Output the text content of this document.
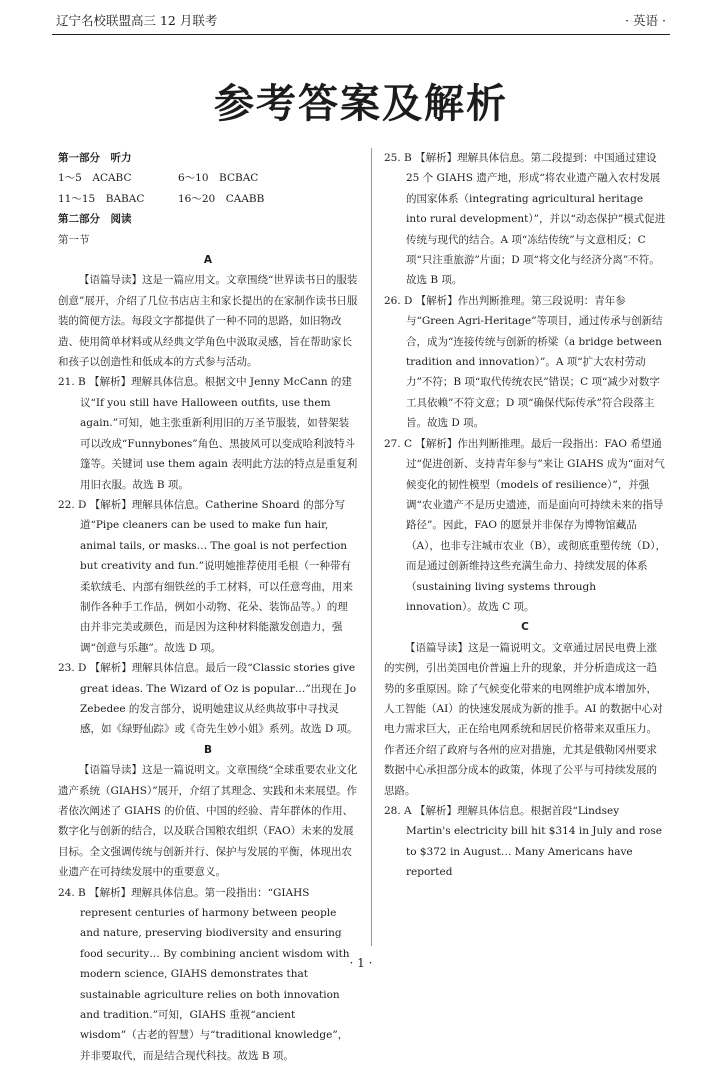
辽宁名校联盟高三 12 月联考	· 英语 ·
参考答案及解析

第一部分　听力

1～5　ACABC	6～10　BCBAC
11～15　BABAC	16～20　CAABB

第二部分　阅读

第一节

A

【语篇导读】这是一篇应用文。文章围绕“世界读书日的服装创意”展开，介绍了几位书店店主和家长提出的在家制作读书日服装的简便方法。每段文字都提供了一种不同的思路，如旧物改造、使用简单材料或从经典文学角色中汲取灵感，旨在帮助家长和孩子以创造性和低成本的方式参与活动。

21. B 【解析】理解具体信息。根据文中 Jenny McCann 的建议“If you still have Halloween outfits, use them again.”可知，她主张重新利用旧的万圣节服装，如替架装可以改成“Funnybones”角色、黑披风可以变成哈利波特斗篷等。关键词 use them again 表明此方法的特点是重复利用旧衣服。故选 B 项。

22. D 【解析】理解具体信息。Catherine Shoard 的部分写道“Pipe cleaners can be used to make fun hair, animal tails, or masks… The goal is not perfection but creativity and fun.”说明她推荐使用毛根（一种带有柔软绒毛、内部有细铁丝的手工材料，可以任意弯曲，用来制作各种手工作品，例如小动物、花朵、装饰品等。）的理由并非完美或颜色，而是因为这种材料能激发创造力，强调“创意与乐趣”。故选 D 项。

23. D 【解析】理解具体信息。最后一段“Classic stories give great ideas. The Wizard of Oz is popular…”出现在 Jo Zebedee 的发言部分，说明她建议从经典故事中寻找灵感，如《绿野仙踪》或《奇先生妙小姐》系列。故选 D 项。

B

【语篇导读】这是一篇说明文。文章围绕“全球重要农业文化遗产系统（GIAHS）”展开，介绍了其理念、实践和未来展望。作者依次阐述了 GIAHS 的价值、中国的经验、青年群体的作用、数字化与创新的结合，以及联合国粮农组织（FAO）未来的发展目标。全文强调传统与创新并行、保护与发展的平衡，体现出农业遗产在可持续发展中的重要意义。

24. B 【解析】理解具体信息。第一段指出：“GIAHS represent centuries of harmony between people and nature, preserving biodiversity and ensuring food security… By combining ancient wisdom with modern science, GIAHS demonstrates that sustainable agriculture relies on both innovation and tradition.”可知，GIAHS 重视“ancient wisdom”（古老的智慧）与“traditional knowledge”，并非要取代，而是结合现代科技。故选 B 项。

25. B 【解析】理解具体信息。第二段提到：中国通过建设 25 个 GIAHS 遗产地，形成“将农业遗产融入农村发展的国家体系（integrating agricultural heritage into rural development）”，并以“动态保护”模式促进传统与现代的结合。A 项“冻结传统”与文意相反；C 项“只注重旅游”片面；D 项“将文化与经济分离”不符。故选 B 项。

26. D 【解析】作出判断推理。第三段说明：青年参与“Green Agri-Heritage”等项目，通过传承与创新结合，成为“连接传统与创新的桥梁（a bridge between tradition and innovation）”。A 项“扩大农村劳动力”不符；B 项“取代传统农民”错误；C 项“减少对数字工具依赖”不符文意；D 项“确保代际传承”符合段落主旨。故选 D 项。

27. C 【解析】作出判断推理。最后一段指出：FAO 希望通过“促进创新、支持青年参与”来让 GIAHS 成为“面对气候变化的韧性模型（models of resilience）”，并强调“农业遗产不是历史遗迹，而是面向可持续未来的指导路径”。因此，FAO 的愿景并非保存为博物馆藏品（A），也非专注城市农业（B），或彻底重塑传统（D），而是通过创新维持这些充满生命力、持续发展的体系（sustaining living systems through innovation）。故选 C 项。

C

【语篇导读】这是一篇说明文。文章通过居民电费上涨的实例，引出美国电价普遍上升的现象，并分析造成这一趋势的多重原因。除了气候变化带来的电网维护成本增加外，人工智能（AI）的快速发展成为新的推手。AI 的数据中心对电力需求巨大，正在给电网系统和居民价格带来双重压力。作者还介绍了政府与各州的应对措施，尤其是俄勒冈州要求数据中心承担部分成本的政策，体现了公平与可持续发展的思路。

28. A 【解析】理解具体信息。根据首段“Lindsey Martin's electricity bill hit $314 in July and rose to $372 in August… Many Americans have reported

· 1 ·
